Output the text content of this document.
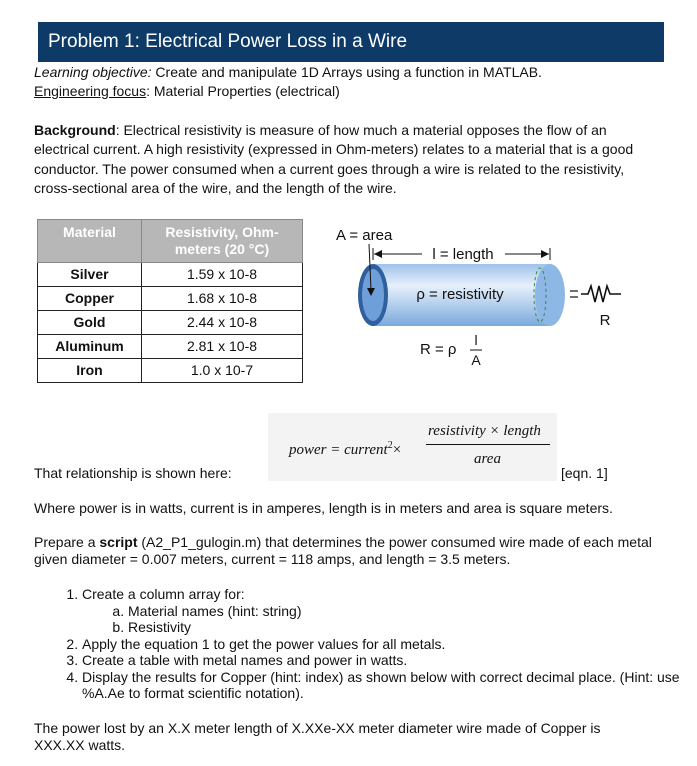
Problem 1: Electrical Power Loss in a Wire
Learning objective: Create and manipulate 1D Arrays using a function in MATLAB.
Engineering focus: Material Properties (electrical)
Background: Electrical resistivity is measure of how much a material opposes the flow of an electrical current. A high resistivity (expressed in Ohm-meters) relates to a material that is a good conductor. The power consumed when a current goes through a wire is related to the resistivity, cross-sectional area of the wire, and the length of the wire.
Material	Resistivity, Ohm-meters (20 °C)
Silver	1.59 x 10-8
Copper	1.68 x 10-8
Gold	2.44 x 10-8
Aluminum	2.81 x 10-8
Iron	1.0 x 10-7
A = area
l = length
ρ = resistivity
R
R = ρ
l
A
power = current$^2$×
resistivity × length
area
That relationship is shown here:	[eqn. 1]
Where power is in watts, current is in amperes, length is in meters and area is square meters.
Prepare a script (A2_P1_gulogin.m) that determines the power consumed wire made of each metal given diameter = 0.007 meters, current = 118 amps, and length = 3.5 meters.
1. Create a column array for:
a. Material names (hint: string)
b. Resistivity
2. Apply the equation 1 to get the power values for all metals.
3. Create a table with metal names and power in watts.
4. Display the results for Copper (hint: index) as shown below with correct decimal place. (Hint: use %A.Ae to format scientific notation).
The power lost by an X.X meter length of X.XXe-XX meter diameter wire made of Copper is XXX.XX watts.
